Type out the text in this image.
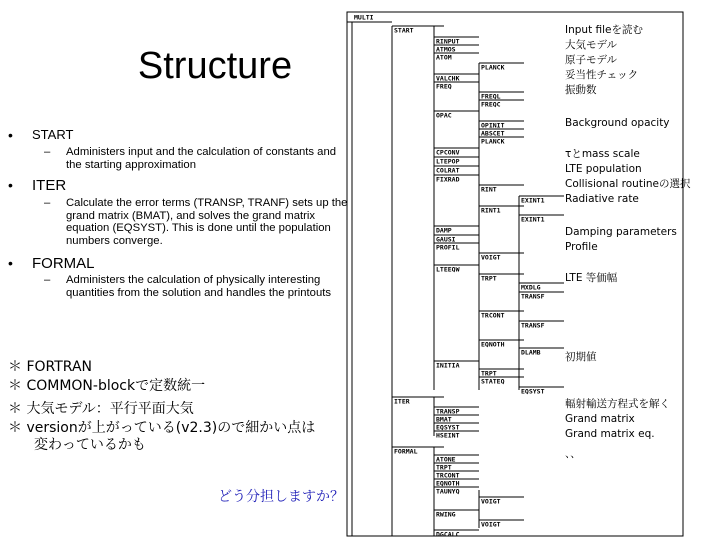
Structure
• START
– Administers input and the calculation of constants and the starting approximation
• ITER
– Calculate the error terms (TRANSP, TRANF) sets up the grand matrix (BMAT), and solves the grand matrix equation (EQSYST). This is done until the population numbers converge.
• FORMAL
– Administers the calculation of physically interesting quantities from the solution and handles the printouts
＊ FORTRAN
＊ COMMON-blockで定数統一
＊ 大気モデル：平行平面大気
＊ versionが上がっている(v2.3)ので細かい点は
変わっているかも
どう分担しますか？
MULTI
START
ITER
FORMAL
RINPUT
ATMOS
ATOM
PLANCK
VALCHK
FREQ
FREQL
FREQC
OPAC
OPINIT
ABSCET
PLANCK
CPCONV
LTEPOP
COLRAT
FIXRAD
RINT
EXINT1
RINT1
EXINT1
DAMP
GAUSI
PROFIL
VOIGT
LTEEQW
TRPT
MXDLG
TRANSF
TRCONT
TRANSF
EQNOTH
DLAMB
INITIA
TRPT
STATEQ
EQSYST
TRANSP
BMAT
EQSYST
HSEINT
ATONE
TRPT
TRCONT
EQNOTH
TAUNYQ
VOIGT
RWING
VOIGT
DGCALC
Input fileを読む
大気モデル
原子モデル
妥当性チェック
振動数
Background opacity
τとmass scale
LTE population
Collisional routineの選択
Radiative rate
Damping parameters
Profile
LTE 等価幅
初期値
輻射輸送方程式を解く
Grand matrix
Grand matrix eq.
、、
